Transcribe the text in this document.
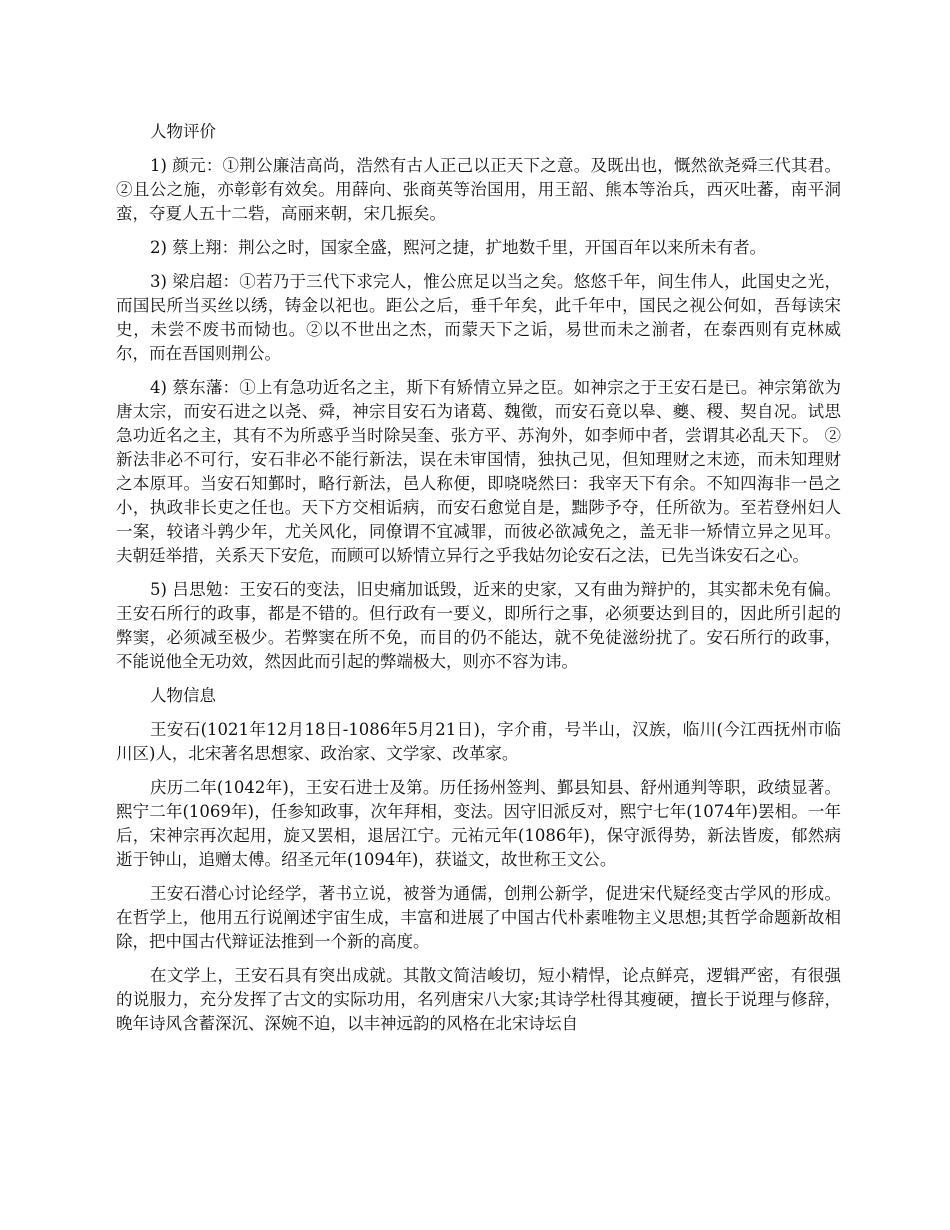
人物评价

1) 颜元：①荆公廉洁高尚，浩然有古人正己以正天下之意。及既出也，慨然欲尧舜三代其君。②且公之施，亦彰彰有效矣。用薛向、张商英等治国用，用王韶、熊本等治兵，西灭吐蕃，南平洞蛮，夺夏人五十二砦，高丽来朝，宋几振矣。

2) 蔡上翔：荆公之时，国家全盛，熙河之捷，扩地数千里，开国百年以来所未有者。

3) 梁启超：①若乃于三代下求完人，惟公庶足以当之矣。悠悠千年，间生伟人，此国史之光，而国民所当买丝以绣，铸金以祀也。距公之后，垂千年矣，此千年中，国民之视公何如，吾每读宋史，未尝不废书而恸也。②以不世出之杰，而蒙天下之诟，易世而未之湔者，在泰西则有克林威尔，而在吾国则荆公。

4) 蔡东藩：①上有急功近名之主，斯下有矫情立异之臣。如神宗之于王安石是已。神宗第欲为唐太宗，而安石进之以尧、舜，神宗目安石为诸葛、魏徵，而安石竟以皋、夔、稷、契自况。试思急功近名之主，其有不为所惑乎当时除吴奎、张方平、苏洵外，如李师中者，尝谓其必乱天下。 ②新法非必不可行，安石非必不能行新法，误在未审国情，独执己见，但知理财之末迹，而未知理财之本原耳。当安石知鄞时，略行新法，邑人称便，即哓哓然曰：我宰天下有余。不知四海非一邑之小，执政非长吏之任也。天下方交相诟病，而安石愈觉自是，黜陟予夺，任所欲为。至若登州妇人一案，较诸斗鹑少年，尤关风化，同僚谓不宜减罪，而彼必欲减免之，盖无非一矫情立异之见耳。夫朝廷举措，关系天下安危，而顾可以矫情立异行之乎我姑勿论安石之法，已先当诛安石之心。

5) 吕思勉：王安石的变法，旧史痛加诋毁，近来的史家，又有曲为辩护的，其实都未免有偏。王安石所行的政事，都是不错的。但行政有一要义，即所行之事，必须要达到目的，因此所引起的弊窦，必须减至极少。若弊窦在所不免，而目的仍不能达，就不免徒滋纷扰了。安石所行的政事，不能说他全无功效，然因此而引起的弊端极大，则亦不容为讳。

人物信息

王安石(1021年12月18日-1086年5月21日)，字介甫，号半山，汉族，临川(今江西抚州市临川区)人，北宋著名思想家、政治家、文学家、改革家。

庆历二年(1042年)，王安石进士及第。历任扬州签判、鄞县知县、舒州通判等职，政绩显著。熙宁二年(1069年)，任参知政事，次年拜相，变法。因守旧派反对，熙宁七年(1074年)罢相。一年后，宋神宗再次起用，旋又罢相，退居江宁。元祐元年(1086年)，保守派得势，新法皆废，郁然病逝于钟山，追赠太傅。绍圣元年(1094年)，获谥文，故世称王文公。

王安石潜心讨论经学，著书立说，被誉为通儒，创荆公新学，促进宋代疑经变古学风的形成。在哲学上，他用五行说阐述宇宙生成，丰富和进展了中国古代朴素唯物主义思想;其哲学命题新故相除，把中国古代辩证法推到一个新的高度。

在文学上，王安石具有突出成就。其散文简洁峻切，短小精悍，论点鲜亮，逻辑严密，有很强的说服力，充分发挥了古文的实际功用，名列唐宋八大家;其诗学杜得其瘦硬，擅长于说理与修辞，晚年诗风含蓄深沉、深婉不迫，以丰神远韵的风格在北宋诗坛自
